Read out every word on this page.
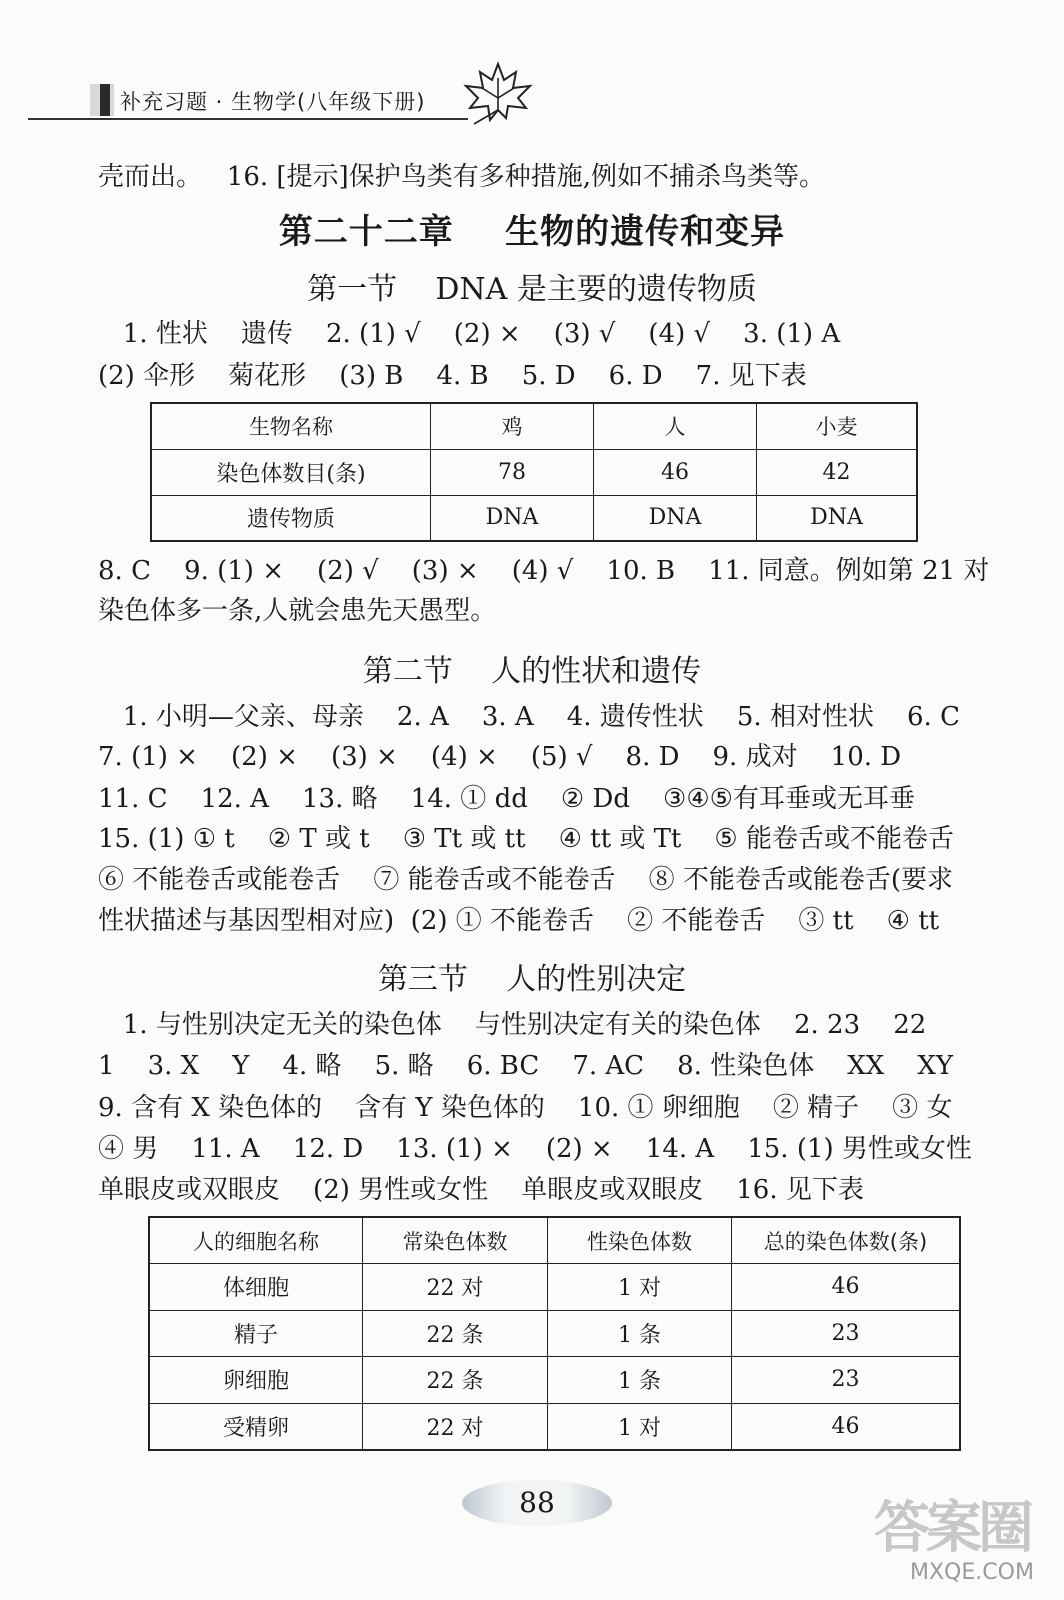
补充习题 · 生物学(八年级下册)
壳而出。   16. [提示]保护鸟类有多种措施,例如不捕杀鸟类等。
第二十二章    生物的遗传和变异
第一节    DNA 是主要的遗传物质
1. 性状    遗传    2. (1) √    (2) ×    (3) √    (4) √    3. (1) A
(2) 伞形    菊花形    (3) B    4. B    5. D    6. D    7. 见下表
生物名称	鸡	人	小麦
染色体数目(条)	78	46	42
遗传物质	DNA	DNA	DNA
8. C    9. (1) ×    (2) √    (3) ×    (4) √    10. B    11. 同意。例如第 21 对
染色体多一条,人就会患先天愚型。
第二节    人的性状和遗传
1. 小明—父亲、母亲    2. A    3. A    4. 遗传性状    5. 相对性状    6. C
7. (1) ×    (2) ×    (3) ×    (4) ×    (5) √    8. D    9. 成对    10. D
11. C    12. A    13. 略    14. ① dd    ② Dd    ③④⑤有耳垂或无耳垂
15. (1) ① t    ② T 或 t    ③ Tt 或 tt    ④ tt 或 Tt    ⑤ 能卷舌或不能卷舌
⑥ 不能卷舌或能卷舌    ⑦ 能卷舌或不能卷舌    ⑧ 不能卷舌或能卷舌(要求
性状描述与基因型相对应)  (2) ① 不能卷舌    ② 不能卷舌    ③ tt    ④ tt
第三节    人的性别决定
1. 与性别决定无关的染色体    与性别决定有关的染色体    2. 23    22
1    3. X    Y    4. 略    5. 略    6. BC    7. AC    8. 性染色体    XX    XY
9. 含有 X 染色体的    含有 Y 染色体的    10. ① 卵细胞    ② 精子    ③ 女
④ 男    11. A    12. D    13. (1) ×    (2) ×    14. A    15. (1) 男性或女性
单眼皮或双眼皮    (2) 男性或女性    单眼皮或双眼皮    16. 见下表
人的细胞名称	常染色体数	性染色体数	总的染色体数(条)
体细胞	22 对	1 对	46
精子	22 条	1 条	23
卵细胞	22 条	1 条	23
受精卵	22 对	1 对	46
88	答案圈
MXQE.COM
